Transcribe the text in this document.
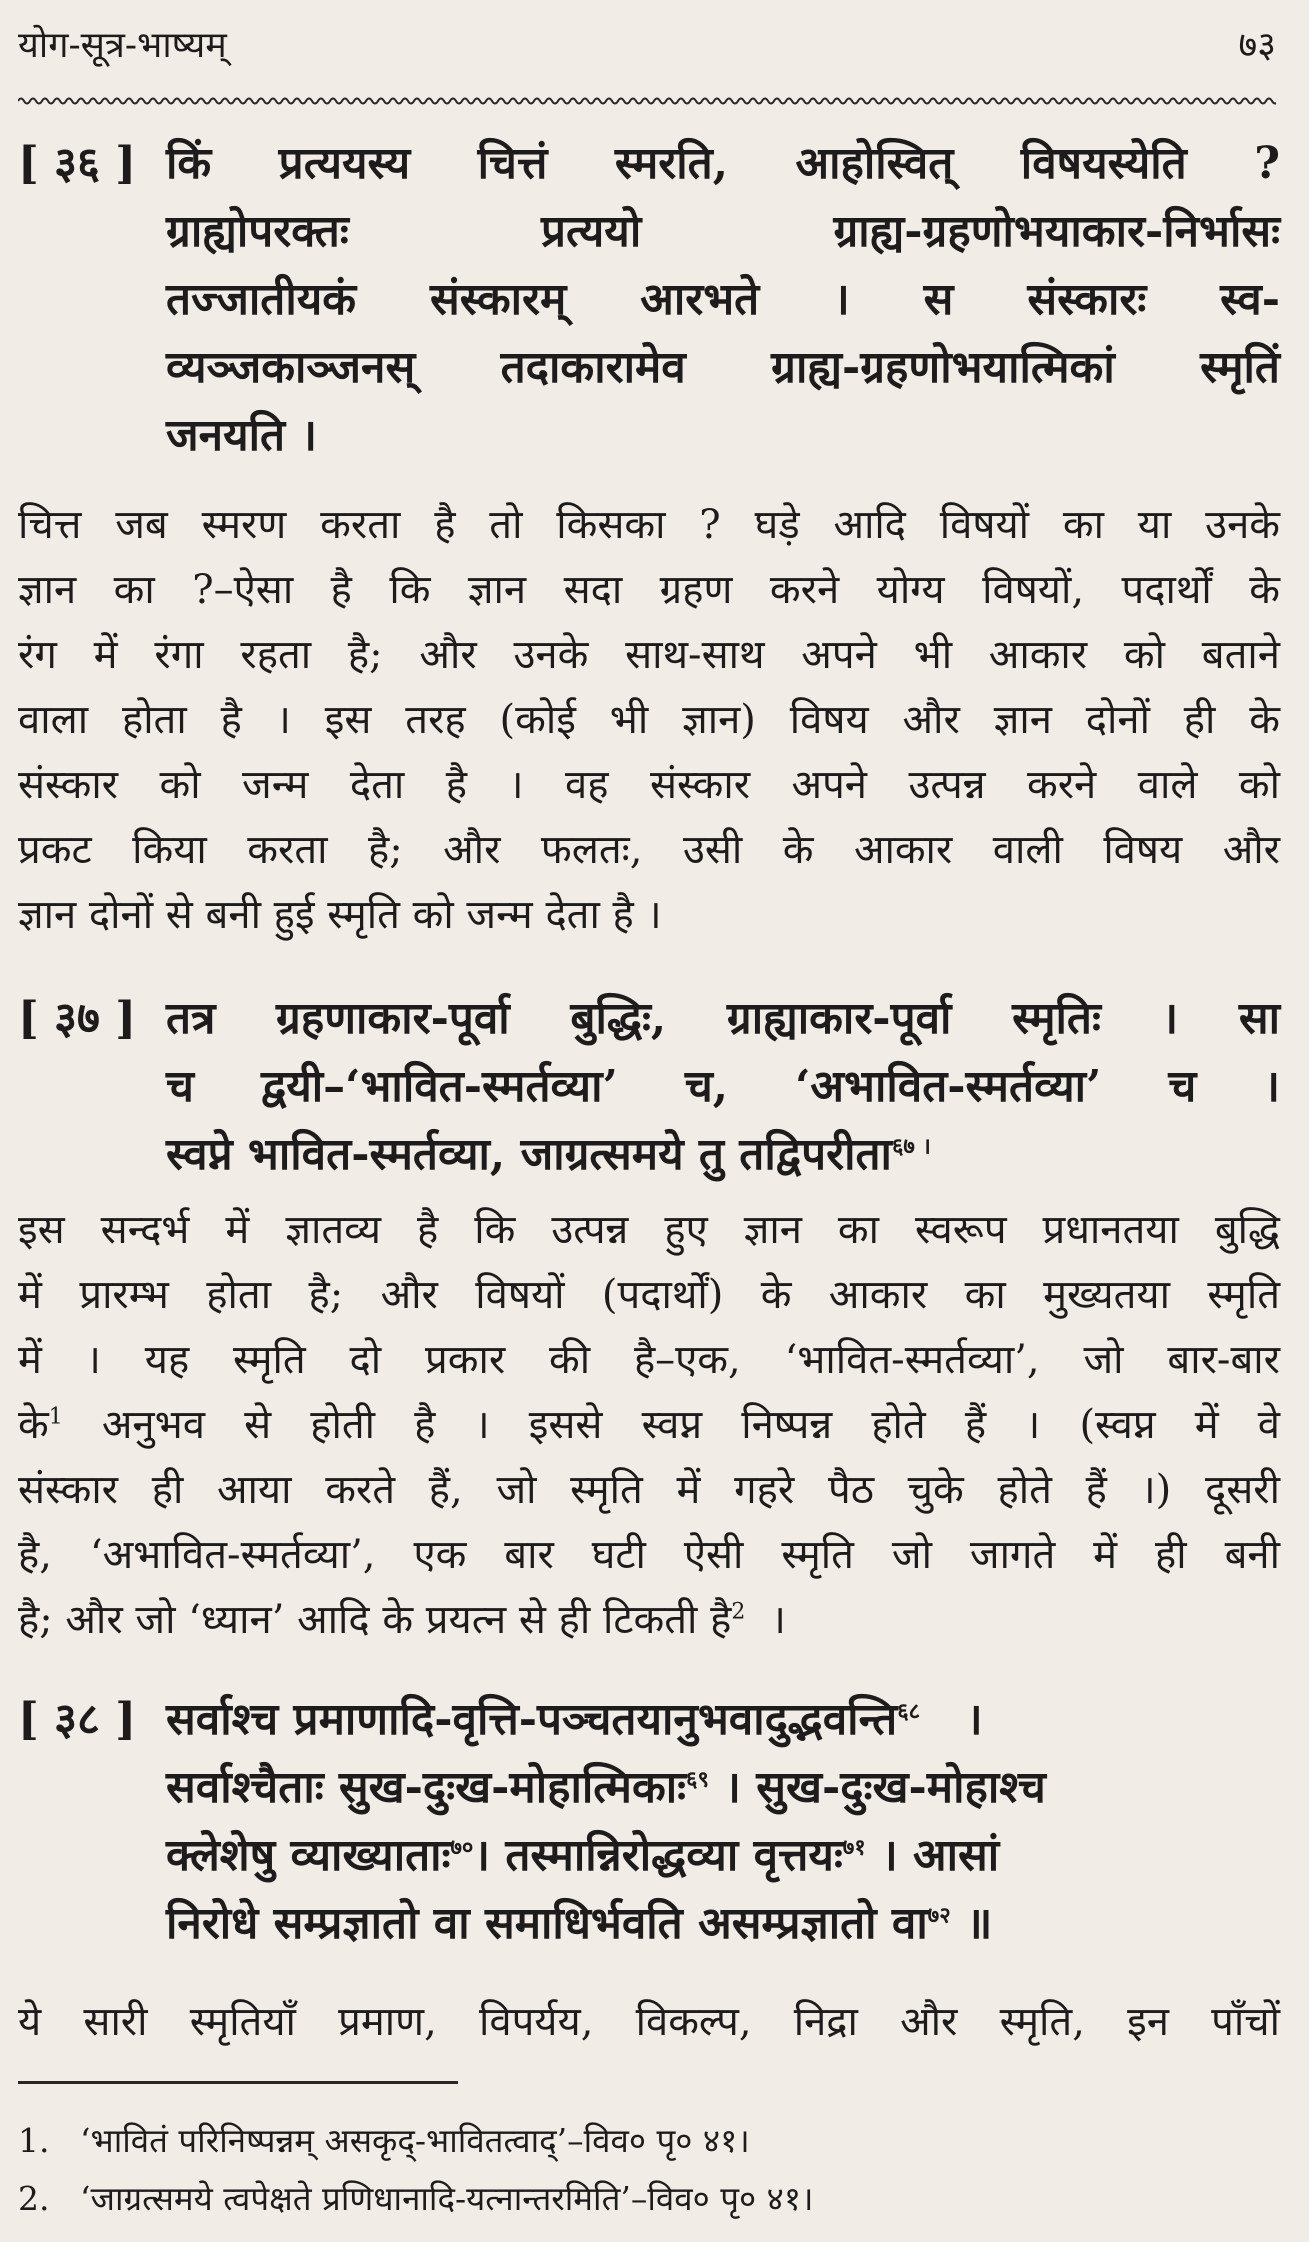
योग-सूत्र-भाष्यम्	७३
[ ३६ ] किं प्रत्ययस्य चित्तं स्मरति, आहोस्वित् विषयस्येति ?
ग्राह्योपरक्तः प्रत्ययो ग्राह्य-ग्रहणोभयाकार-निर्भासः
तज्जातीयकं संस्कारम् आरभते । स संस्कारः स्व-
व्यञ्जकाञ्जनस् तदाकारामेव ग्राह्य-ग्रहणोभयात्मिकां स्मृतिं
जनयति ।
चित्त जब स्मरण करता है तो किसका ? घड़े आदि विषयों का या उनके
ज्ञान का ?–ऐसा है कि ज्ञान सदा ग्रहण करने योग्य विषयों, पदार्थों के
रंग में रंगा रहता है; और उनके साथ-साथ अपने भी आकार को बताने
वाला होता है । इस तरह (कोई भी ज्ञान) विषय और ज्ञान दोनों ही के
संस्कार को जन्म देता है । वह संस्कार अपने उत्पन्न करने वाले को
प्रकट किया करता है; और फलतः, उसी के आकार वाली विषय और
ज्ञान दोनों से बनी हुई स्मृति को जन्म देता है ।
[ ३७ ] तत्र ग्रहणाकार-पूर्वा बुद्धिः, ग्राह्याकार-पूर्वा स्मृतिः । सा
च द्वयी–‘भावित-स्मर्तव्या’ च, ‘अभावित-स्मर्तव्या’ च ।
स्वप्ने भावित-स्मर्तव्या, जाग्रत्समये तु तद्विपरीता$^{६७ ।}$
इस सन्दर्भ में ज्ञातव्य है कि उत्पन्न हुए ज्ञान का स्वरूप प्रधानतया बुद्धि
में प्रारम्भ होता है; और विषयों (पदार्थों) के आकार का मुख्यतया स्मृति
में । यह स्मृति दो प्रकार की है–एक, ‘भावित-स्मर्तव्या’, जो बार-बार
के$^1$ अनुभव से होती है । इससे स्वप्न निष्पन्न होते हैं । (स्वप्न में वे
संस्कार ही आया करते हैं, जो स्मृति में गहरे पैठ चुके होते हैं ।) दूसरी
है, ‘अभावित-स्मर्तव्या’, एक बार घटी ऐसी स्मृति जो जागते में ही बनी
है; और जो ‘ध्यान’ आदि के प्रयत्न से ही टिकती है$^2$ ।
[ ३८ ] सर्वाश्च प्रमाणादि-वृत्ति-पञ्चतयानुभवादुद्भवन्ति$^{६८}$   ।
सर्वाश्चैताः सुख-दुःख-मोहात्मिकाः$^{६९}$ । सुख-दुःख-मोहाश्च
क्लेशेषु व्याख्याताः$^{७०}$। तस्मान्निरोद्धव्या वृत्तयः$^{७१}$ । आसां
निरोधे सम्प्रज्ञातो वा समाधिर्भवति असम्प्रज्ञातो वा$^{७२}$ ॥
ये सारी स्मृतियाँ प्रमाण, विपर्यय, विकल्प, निद्रा और स्मृति, इन पाँचों
1. ‘भावितं परिनिष्पन्नम् असकृद्-भावितत्वाद्’–विव० पृ० ४१।
2. ‘जाग्रत्समये त्वपेक्षते प्रणिधानादि-यत्नान्तरमिति’–विव० पृ० ४१।
